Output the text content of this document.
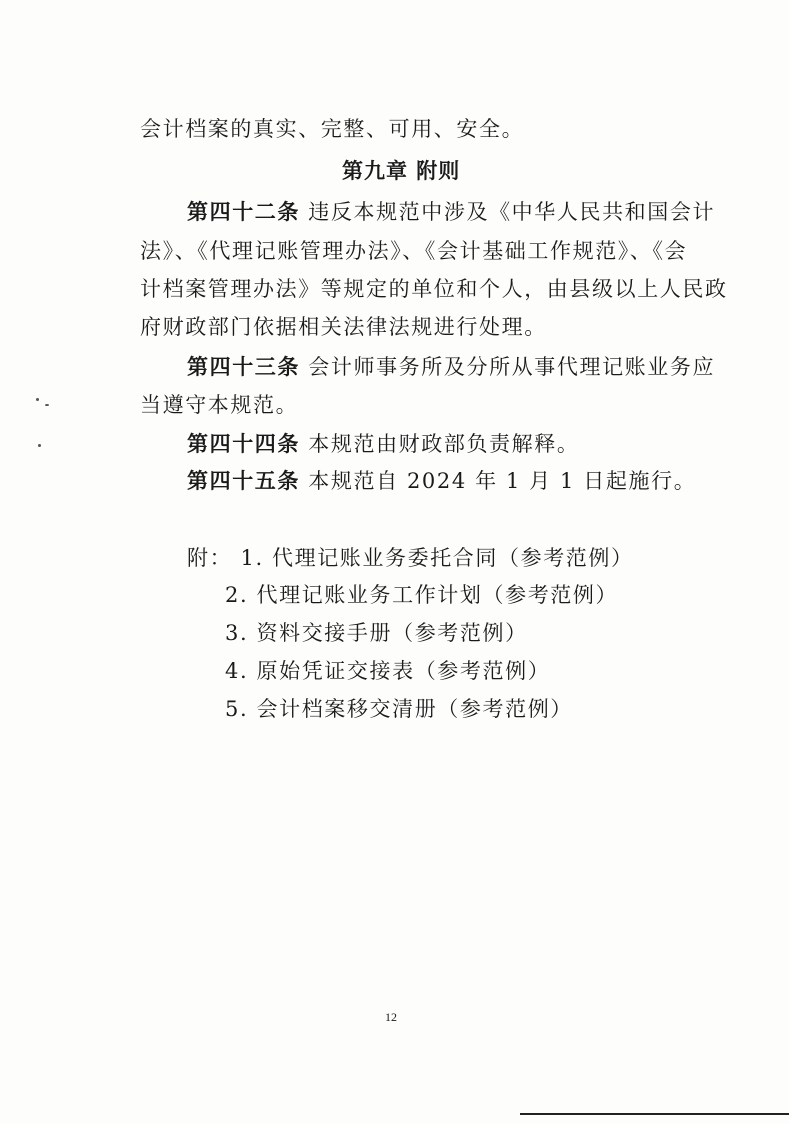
会计档案的真实、完整、可用、安全。
第九章 附则
第四十二条 违反本规范中涉及《中华人民共和国会计
法》、《代理记账管理办法》、《会计基础工作规范》、《会
计档案管理办法》等规定的单位和个人，由县级以上人民政
府财政部门依据相关法律法规进行处理。
第四十三条 会计师事务所及分所从事代理记账业务应
当遵守本规范。
第四十四条 本规范由财政部负责解释。
第四十五条 本规范自 2024 年 1 月 1 日起施行。
附： 1. 代理记账业务委托合同（参考范例）
2. 代理记账业务工作计划（参考范例）
3. 资料交接手册（参考范例）
4. 原始凭证交接表（参考范例）
5. 会计档案移交清册（参考范例）
12
